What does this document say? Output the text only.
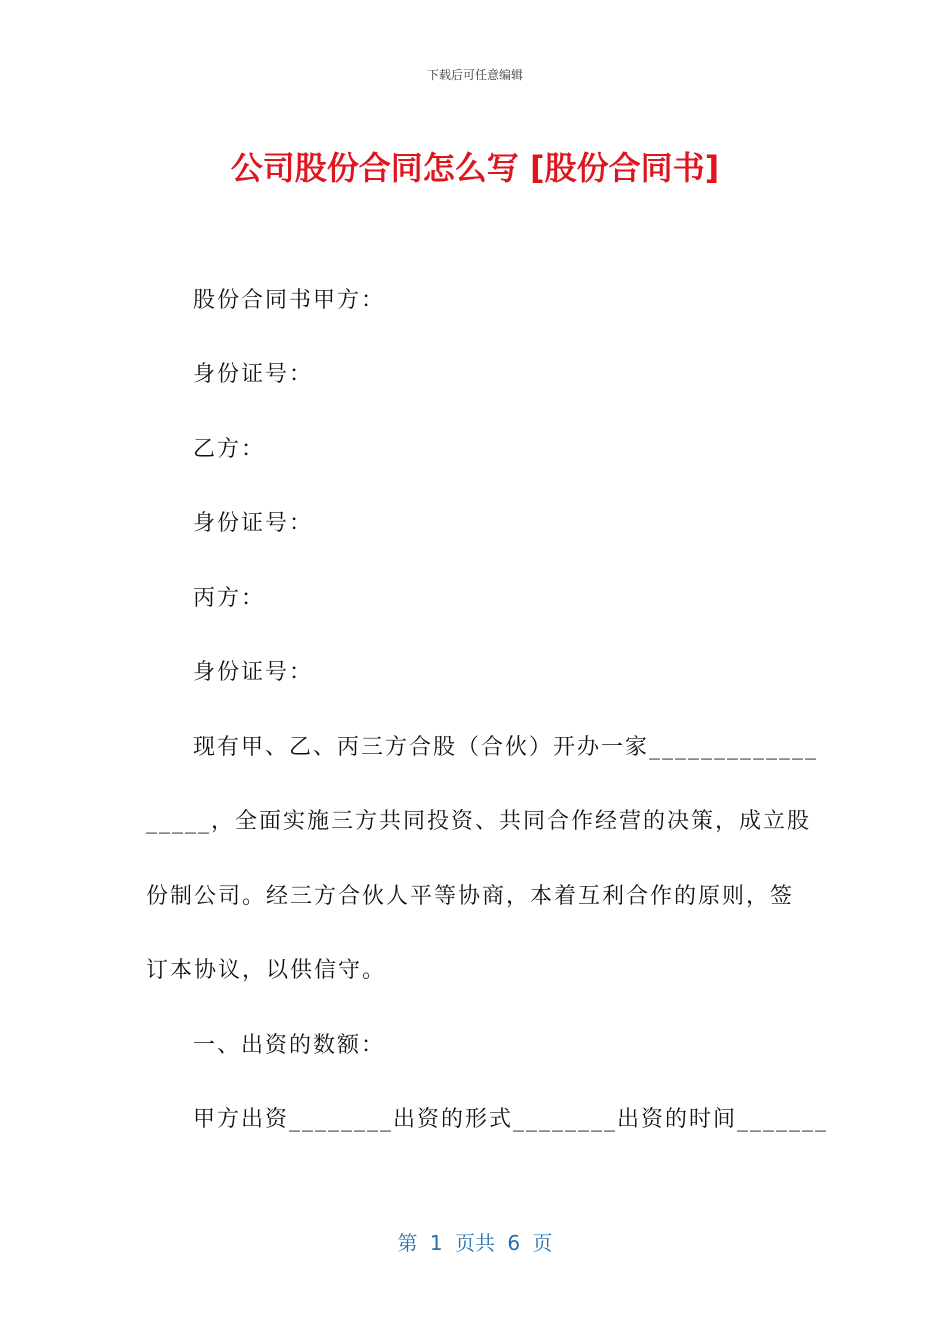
下载后可任意编辑
公司股份合同怎么写 [股份合同书]
股份合同书甲方：
身份证号：
乙方：
身份证号：
丙方：
身份证号：
现有甲、乙、丙三方合股（合伙）开办一家_____________
_____，全面实施三方共同投资、共同合作经营的决策，成立股
份制公司。经三方合伙人平等协商，本着互利合作的原则，签
订本协议，以供信守。
一、出资的数额：
甲方出资________出资的形式________出资的时间_______
第 1 页共 6 页
